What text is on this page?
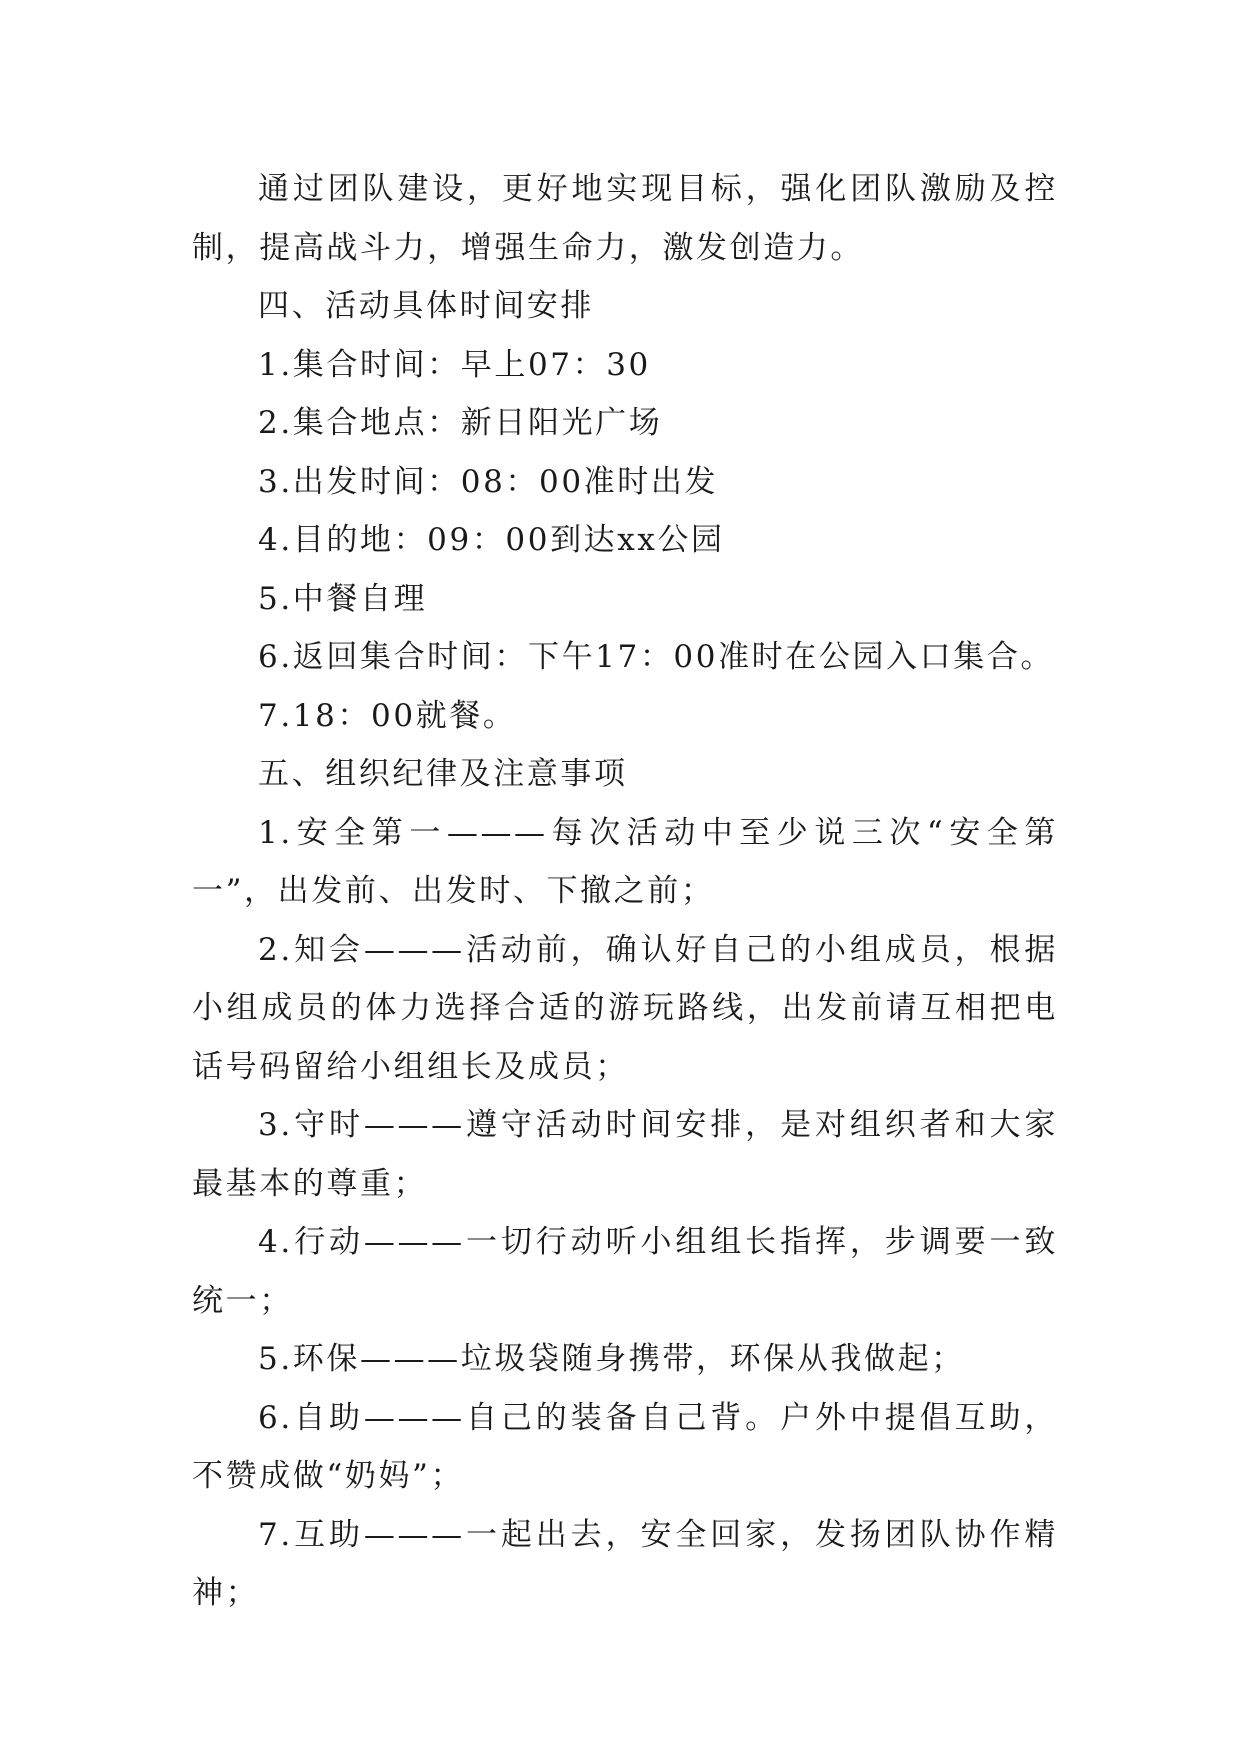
通过团队建设，更好地实现目标，强化团队激励及控制，提高战斗力，增强生命力，激发创造力。

四、活动具体时间安排

1.集合时间：早上07：30

2.集合地点：新日阳光广场

3.出发时间：08：00准时出发

4.目的地：09：00到达xx公园

5.中餐自理

6.返回集合时间：下午17：00准时在公园入口集合。

7.18：00就餐。

五、组织纪律及注意事项

1.安全第一———每次活动中至少说三次“安全第一”，出发前、出发时、下撤之前；

2.知会———活动前，确认好自己的小组成员，根据小组成员的体力选择合适的游玩路线，出发前请互相把电话号码留给小组组长及成员；

3.守时———遵守活动时间安排，是对组织者和大家最基本的尊重；

4.行动———一切行动听小组组长指挥，步调要一致统一；

5.环保———垃圾袋随身携带，环保从我做起；

6.自助———自己的装备自己背。户外中提倡互助，不赞成做“奶妈”；

7.互助———一起出去，安全回家，发扬团队协作精神；
